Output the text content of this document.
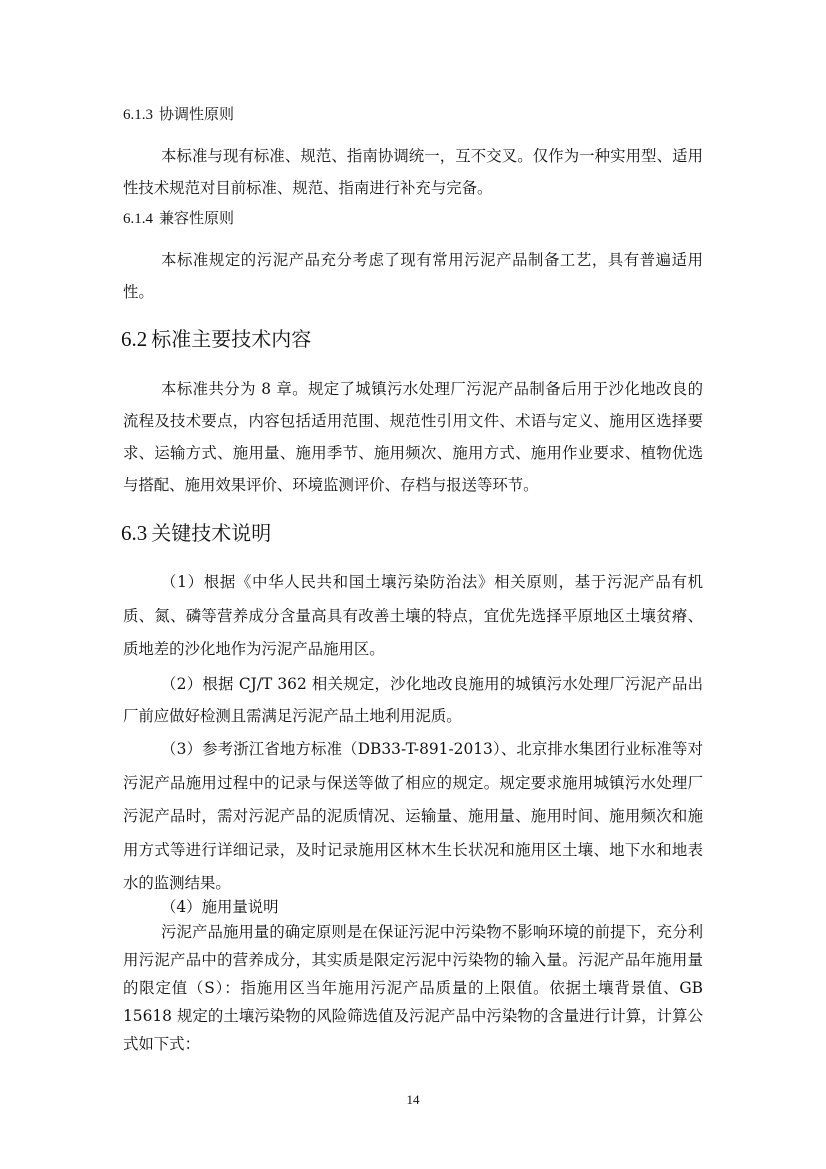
6.1.3 协调性原则
本标准与现有标准、规范、指南协调统一，互不交叉。仅作为一种实用型、适用性技术规范对目前标准、规范、指南进行补充与完备。
6.1.4 兼容性原则
本标准规定的污泥产品充分考虑了现有常用污泥产品制备工艺，具有普遍适用性。
6.2 标准主要技术内容
本标准共分为 8 章。规定了城镇污水处理厂污泥产品制备后用于沙化地改良的流程及技术要点，内容包括适用范围、规范性引用文件、术语与定义、施用区选择要求、运输方式、施用量、施用季节、施用频次、施用方式、施用作业要求、植物优选与搭配、施用效果评价、环境监测评价、存档与报送等环节。
6.3 关键技术说明
（1）根据《中华人民共和国土壤污染防治法》相关原则，基于污泥产品有机质、氮、磷等营养成分含量高具有改善土壤的特点，宜优先选择平原地区土壤贫瘠、质地差的沙化地作为污泥产品施用区。
（2）根据 CJ/T 362 相关规定，沙化地改良施用的城镇污水处理厂污泥产品出厂前应做好检测且需满足污泥产品土地利用泥质。
（3）参考浙江省地方标准（DB33-T-891-2013）、北京排水集团行业标准等对污泥产品施用过程中的记录与保送等做了相应的规定。规定要求施用城镇污水处理厂污泥产品时，需对污泥产品的泥质情况、运输量、施用量、施用时间、施用频次和施用方式等进行详细记录，及时记录施用区林木生长状况和施用区土壤、地下水和地表水的监测结果。
（4）施用量说明
污泥产品施用量的确定原则是在保证污泥中污染物不影响环境的前提下，充分利用污泥产品中的营养成分，其实质是限定污泥中污染物的输入量。污泥产品年施用量的限定值（S）：指施用区当年施用污泥产品质量的上限值。依据土壤背景值、GB 15618 规定的土壤污染物的风险筛选值及污泥产品中污染物的含量进行计算，计算公式如下式：
14
